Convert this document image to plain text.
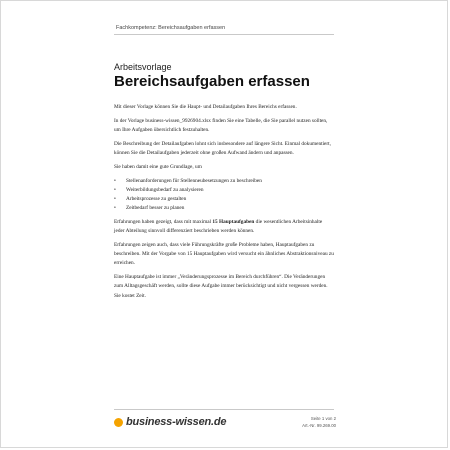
Fachkompetenz: Bereichsaufgaben erfassen
Arbeitsvorlage
Bereichsaufgaben erfassen

Mit dieser Vorlage können Sie die Haupt- und Detailaufgaben Ihres Bereichs erfassen.

In der Vorlage business-wissen_9926904.xlsx finden Sie eine Tabelle, die Sie parallel nutzen sollten, um Ihre Aufgaben übersichtlich festzuhalten.

Die Beschreibung der Detailaufgaben lohnt sich insbesondere auf längere Sicht. Einmal dokumentiert, können Sie die Detailaufgaben jederzeit ohne großen Aufwand ändern und anpassen.

Sie haben damit eine gute Grundlage, um

• Stellenanforderungen für Stellenneubesetzungen zu beschreiben
• Weiterbildungsbedarf zu analysieren
• Arbeitsprozesse zu gestalten
• Zeitbedarf besser zu planen

Erfahrungen haben gezeigt, dass mit maximal 15 Hauptaufgaben die wesentlichen Arbeitsinhalte jeder Abteilung sinnvoll differenziert beschrieben werden können.

Erfahrungen zeigen auch, dass viele Führungskräfte große Probleme haben, Hauptaufgaben zu beschreiben. Mit der Vorgabe von 15 Hauptaufgaben wird versucht ein ähnliches Abstraktionsniveau zu erreichen.

Eine Hauptaufgabe ist immer „Veränderungsprozesse im Bereich durchführen“. Die Veränderungen zum Alltagsgeschäft werden, sollte diese Aufgabe immer berücksichtigt und nicht vergessen werden. Sie kostet Zeit.

business-wissen.de	Seite 1 von 2
Art.-Nr. 99.269.00
